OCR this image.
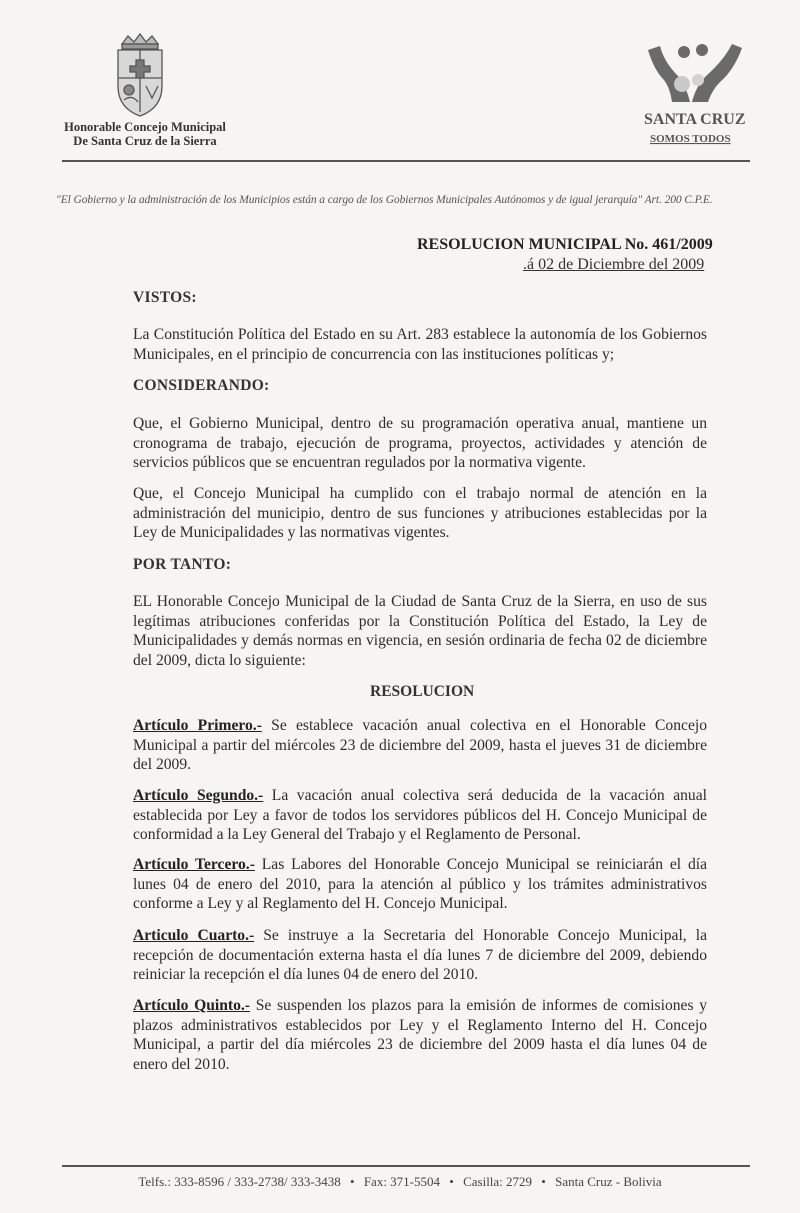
Honorable Concejo Municipal
De Santa Cruz de la Sierra
SANTA CRUZ
SOMOS TODOS
"El Gobierno y la administración de los Municipios están a cargo de los Gobiernos Municipales Autónomos y de igual jerarquía" Art. 200 C.P.E.
RESOLUCION MUNICIPAL No. 461/2009
.á 02 de Diciembre del 2009
VISTOS:
La Constitución Política del Estado en su Art. 283 establece la autonomía de los Gobiernos Municipales, en el principio de concurrencia con las instituciones políticas y;
CONSIDERANDO:
Que, el Gobierno Municipal, dentro de su programación operativa anual, mantiene un cronograma de trabajo, ejecución de programa, proyectos, actividades y atención de servicios públicos que se encuentran regulados por la normativa vigente.
Que, el Concejo Municipal ha cumplido con el trabajo normal de atención en la administración del municipio, dentro de sus funciones y atribuciones establecidas por la Ley de Municipalidades y las normativas vigentes.
POR TANTO:
EL Honorable Concejo Municipal de la Ciudad de Santa Cruz de la Sierra, en uso de sus legítimas atribuciones conferidas por la Constitución Política del Estado, la Ley de Municipalidades y demás normas en vigencia, en sesión ordinaria de fecha 02 de diciembre del 2009, dicta lo siguiente:
RESOLUCION
Artículo Primero.- Se establece vacación anual colectiva en el Honorable Concejo Municipal a partir del miércoles 23 de diciembre del 2009, hasta el jueves 31 de diciembre del 2009.
Artículo Segundo.- La vacación anual colectiva será deducida de la vacación anual establecida por Ley a favor de todos los servidores públicos del H. Concejo Municipal de conformidad a la Ley General del Trabajo y el Reglamento de Personal.
Artículo Tercero.- Las Labores del Honorable Concejo Municipal se reiniciarán el día lunes 04 de enero del 2010, para la atención al público y los trámites administrativos conforme a Ley y al Reglamento del H. Concejo Municipal.
Articulo Cuarto.- Se instruye a la Secretaria del Honorable Concejo Municipal, la recepción de documentación externa hasta el día lunes 7 de diciembre del 2009, debiendo reiniciar la recepción el día lunes 04 de enero del 2010.
Artículo Quinto.- Se suspenden los plazos para la emisión de informes de comisiones y plazos administrativos establecidos por Ley y el Reglamento Interno del H. Concejo Municipal, a partir del día miércoles 23 de diciembre del 2009 hasta el día lunes 04 de enero del 2010.
Telfs.: 333-8596 / 333-2738/ 333-3438 • Fax: 371-5504 • Casilla: 2729 • Santa Cruz - Bolivia
